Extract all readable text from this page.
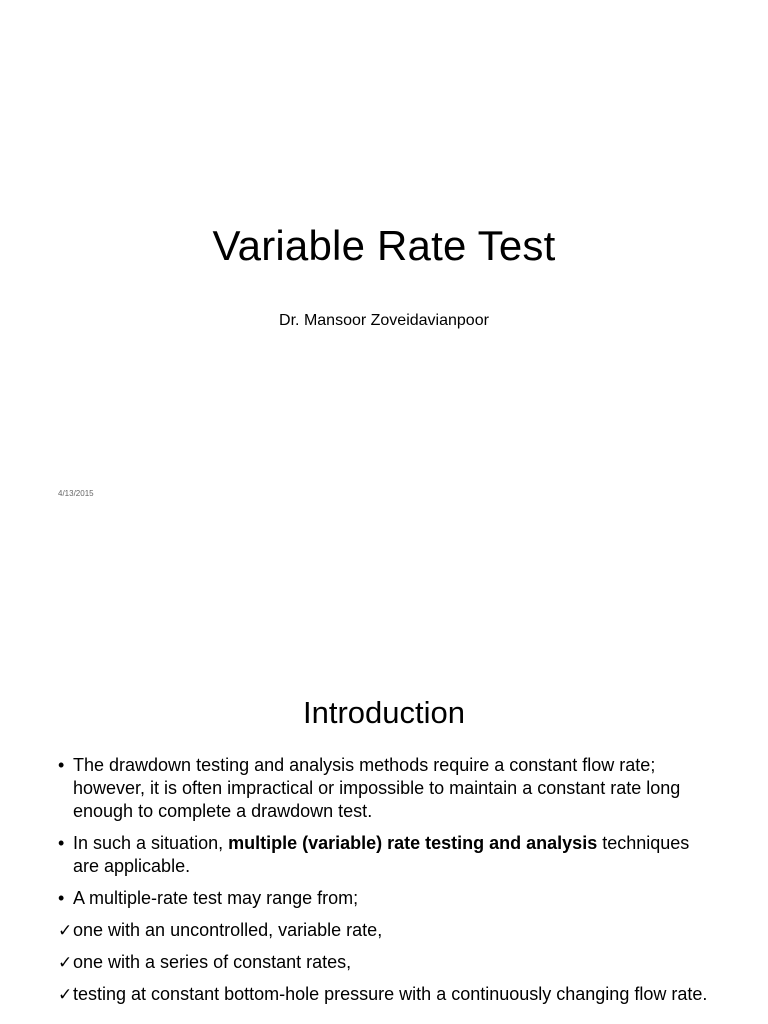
Variable Rate Test

Dr. Mansoor Zoveidavianpoor

4/13/2015
Introduction
• The drawdown testing and analysis methods require a constant flow rate; however, it is often impractical or impossible to maintain a constant rate long enough to complete a drawdown test.
• In such a situation, multiple (variable) rate testing and analysis techniques are applicable.
• A multiple-rate test may range from;
✓ one with an uncontrolled, variable rate,
✓ one with a series of constant rates,
✓ testing at constant bottom-hole pressure with a continuously changing flow rate.
